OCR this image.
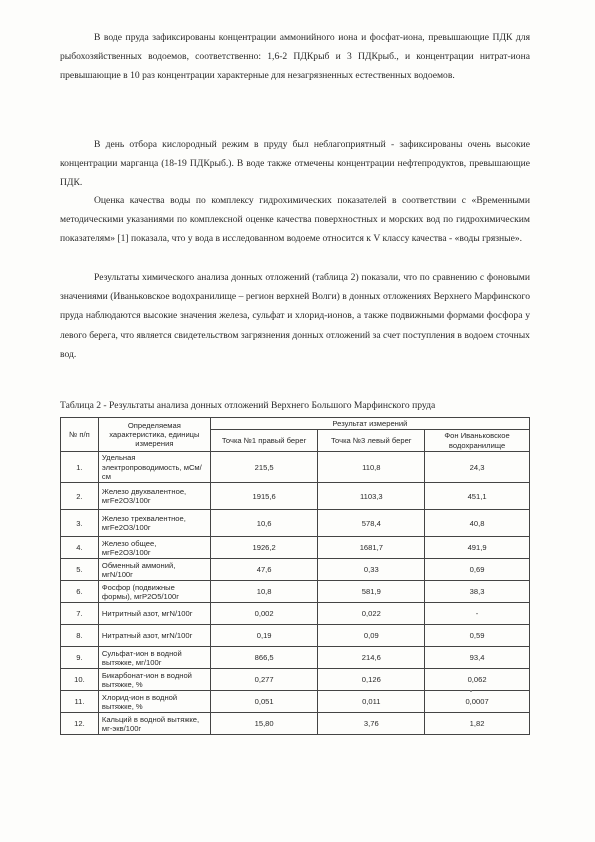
В воде пруда зафиксированы концентрации аммонийного иона и фосфат-иона, превышающие ПДК для рыбохозяйственных водоемов, соответственно: 1,6-2 ПДКрыб и 3 ПДКрыб., и концентрации нитрат-иона превышающие в 10 раз концентрации характерные для незагрязненных естественных водоемов.

В день отбора кислородный режим в пруду был неблагоприятный - зафиксированы очень высокие концентрации марганца (18-19 ПДКрыб.). В воде также отмечены концентрации нефтепродуктов, превышающие ПДК.

Оценка качества воды по комплексу гидрохимических показателей в соответствии с «Временными методическими указаниями по комплексной оценке качества поверхностных и морских вод по гидрохимическим показателям» [1] показала, что у вода в исследованном водоеме относится к V классу качества - «воды грязные».

Результаты химического анализа донных отложений (таблица 2) показали, что по сравнению с фоновыми значениями (Иваньковское водохранилище – регион верхней Волги) в донных отложениях Верхнего Марфинского пруда наблюдаются высокие значения железа, сульфат и хлорид-ионов, а также подвижными формами фосфора у левого берега, что является свидетельством загрязнения донных отложений за счет поступления в водоем сточных вод.

Таблица 2 - Результаты анализа донных отложений Верхнего Большого Марфинского пруда

№ п/п	Определяемая характеристика, единицы измерения	Результат измерений		
		Точка №1 правый берег	Точка №3 левый берег	Фон Иваньковское водохранилище
1.	Удельная электропроводимость, мСм/см	215,5	110,8	24,3
2.	Железо двухвалентное, мгFe2O3/100г	1915,6	1103,3	451,1
3.	Железо трехвалентное, мгFe2O3/100г	10,6	578,4	40,8
4.	Железо общее, мгFe2O3/100г	1926,2	1681,7	491,9
5.	Обменный аммоний, мгN/100г	47,6	0,33	0,69
6.	Фосфор (подвижные формы), мгP2O5/100г	10,8	581,9	38,3
7.	Нитритный азот, мгN/100г	0,002	0,022	-
8.	Нитратный азот, мгN/100г	0,19	0,09	0,59
9.	Сульфат-ион в водной вытяжке, мг/100г	866,5	214,6	93,4
10.	Бикарбонат-ион в водной вытяжке, %	0,277	0,126	0,062
11.	Хлорид-ион в водной вытяжке, %	0,051	0,011	0,0007
12.	Кальций в водной вытяжке, мг-экв/100г	15,80	3,76	1,82
